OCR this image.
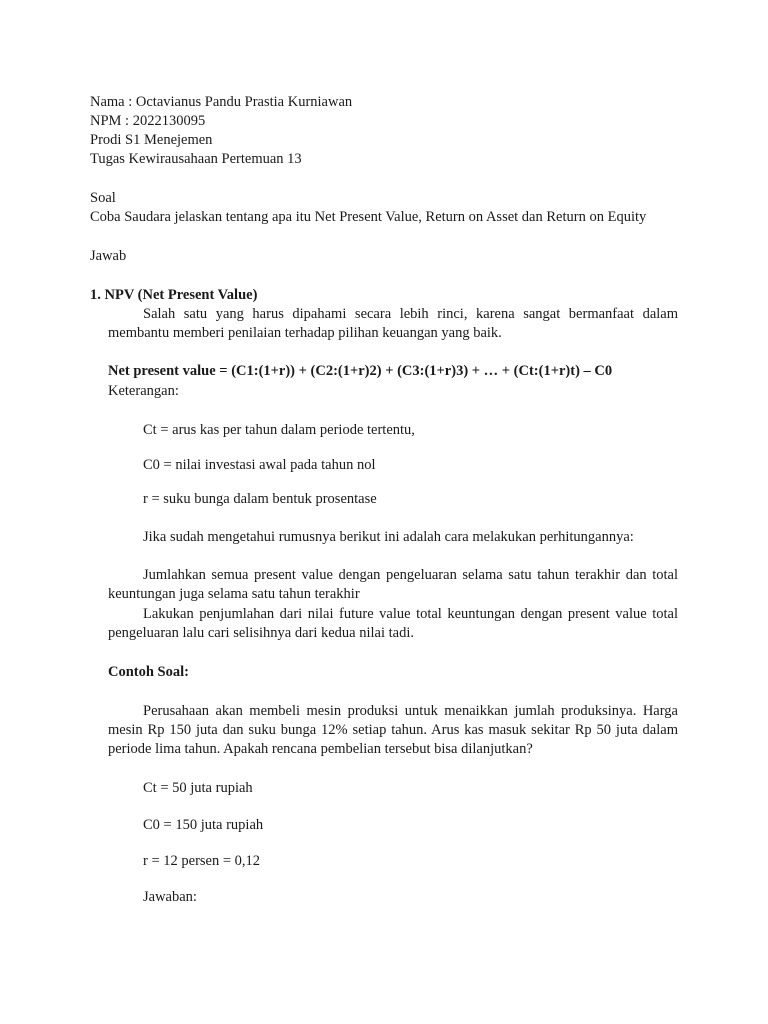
Nama : Octavianus Pandu Prastia Kurniawan
NPM : 2022130095
Prodi S1 Menejemen
Tugas Kewirausahaan Pertemuan 13
Soal
Coba Saudara jelaskan tentang apa itu Net Present Value, Return on Asset dan Return on Equity
Jawab
1. NPV (Net Present Value)
Salah satu yang harus dipahami secara lebih rinci, karena sangat bermanfaat dalam membantu memberi penilaian terhadap pilihan keuangan yang baik.
Net present value = (C1:(1+r)) + (C2:(1+r)2) + (C3:(1+r)3) + … + (Ct:(1+r)t) – C0
Keterangan:
Ct = arus kas per tahun dalam periode tertentu,
C0 = nilai investasi awal pada tahun nol
r = suku bunga dalam bentuk prosentase
Jika sudah mengetahui rumusnya berikut ini adalah cara melakukan perhitungannya:
Jumlahkan semua present value dengan pengeluaran selama satu tahun terakhir dan total keuntungan juga selama satu tahun terakhir
Lakukan penjumlahan dari nilai future value total keuntungan dengan present value total pengeluaran lalu cari selisihnya dari kedua nilai tadi.
Contoh Soal:
Perusahaan akan membeli mesin produksi untuk menaikkan jumlah produksinya. Harga mesin Rp 150 juta dan suku bunga 12% setiap tahun. Arus kas masuk sekitar Rp 50 juta dalam periode lima tahun. Apakah rencana pembelian tersebut bisa dilanjutkan?
Ct = 50 juta rupiah
C0 = 150 juta rupiah
r = 12 persen = 0,12
Jawaban:
